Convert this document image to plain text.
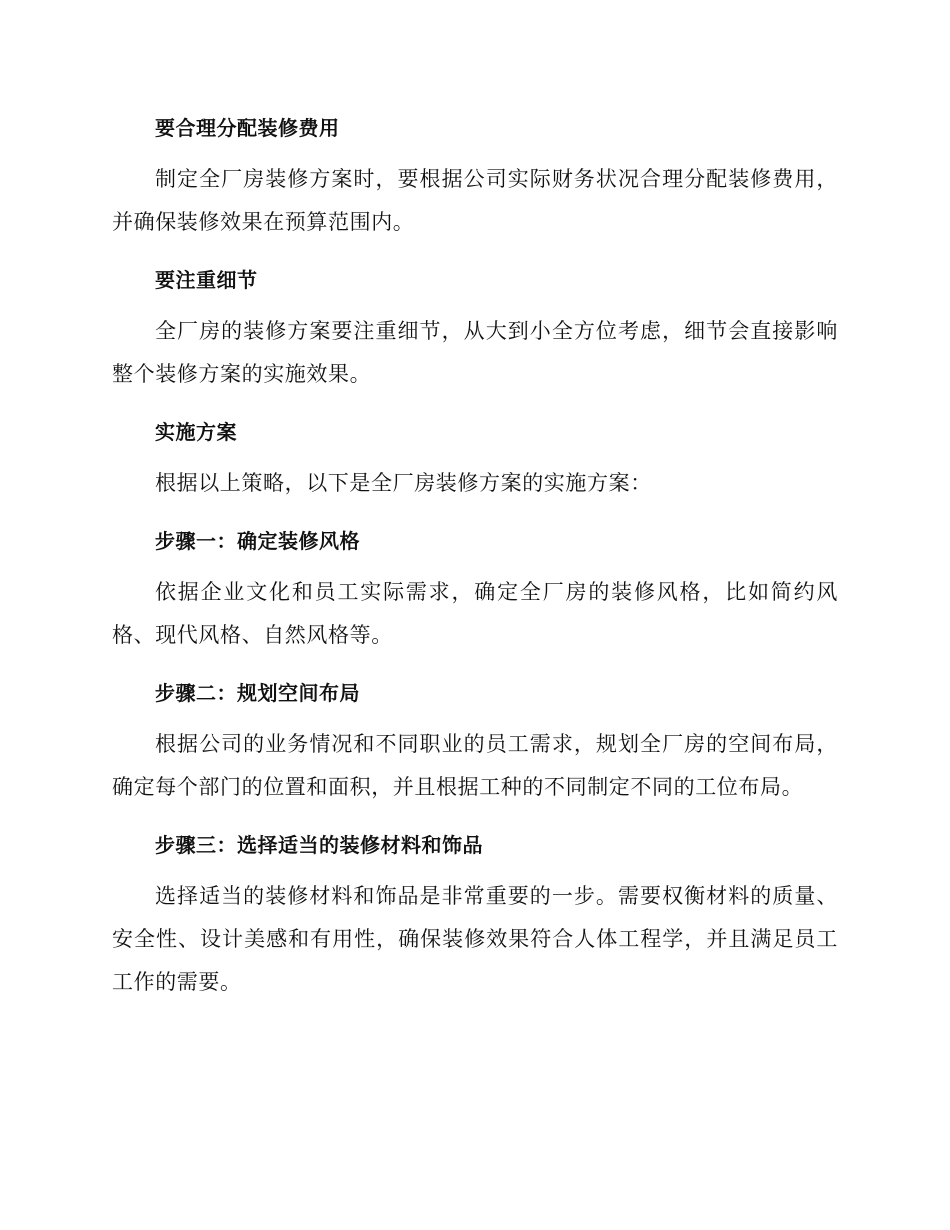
要合理分配装修费用

制定全厂房装修方案时，要根据公司实际财务状况合理分配装修费用，并确保装修效果在预算范围内。

要注重细节

全厂房的装修方案要注重细节，从大到小全方位考虑，细节会直接影响整个装修方案的实施效果。

实施方案

根据以上策略，以下是全厂房装修方案的实施方案：

步骤一：确定装修风格

依据企业文化和员工实际需求，确定全厂房的装修风格，比如简约风格、现代风格、自然风格等。

步骤二：规划空间布局

根据公司的业务情况和不同职业的员工需求，规划全厂房的空间布局，确定每个部门的位置和面积，并且根据工种的不同制定不同的工位布局。

步骤三：选择适当的装修材料和饰品

选择适当的装修材料和饰品是非常重要的一步。需要权衡材料的质量、安全性、设计美感和有用性，确保装修效果符合人体工程学，并且满足员工工作的需要。
